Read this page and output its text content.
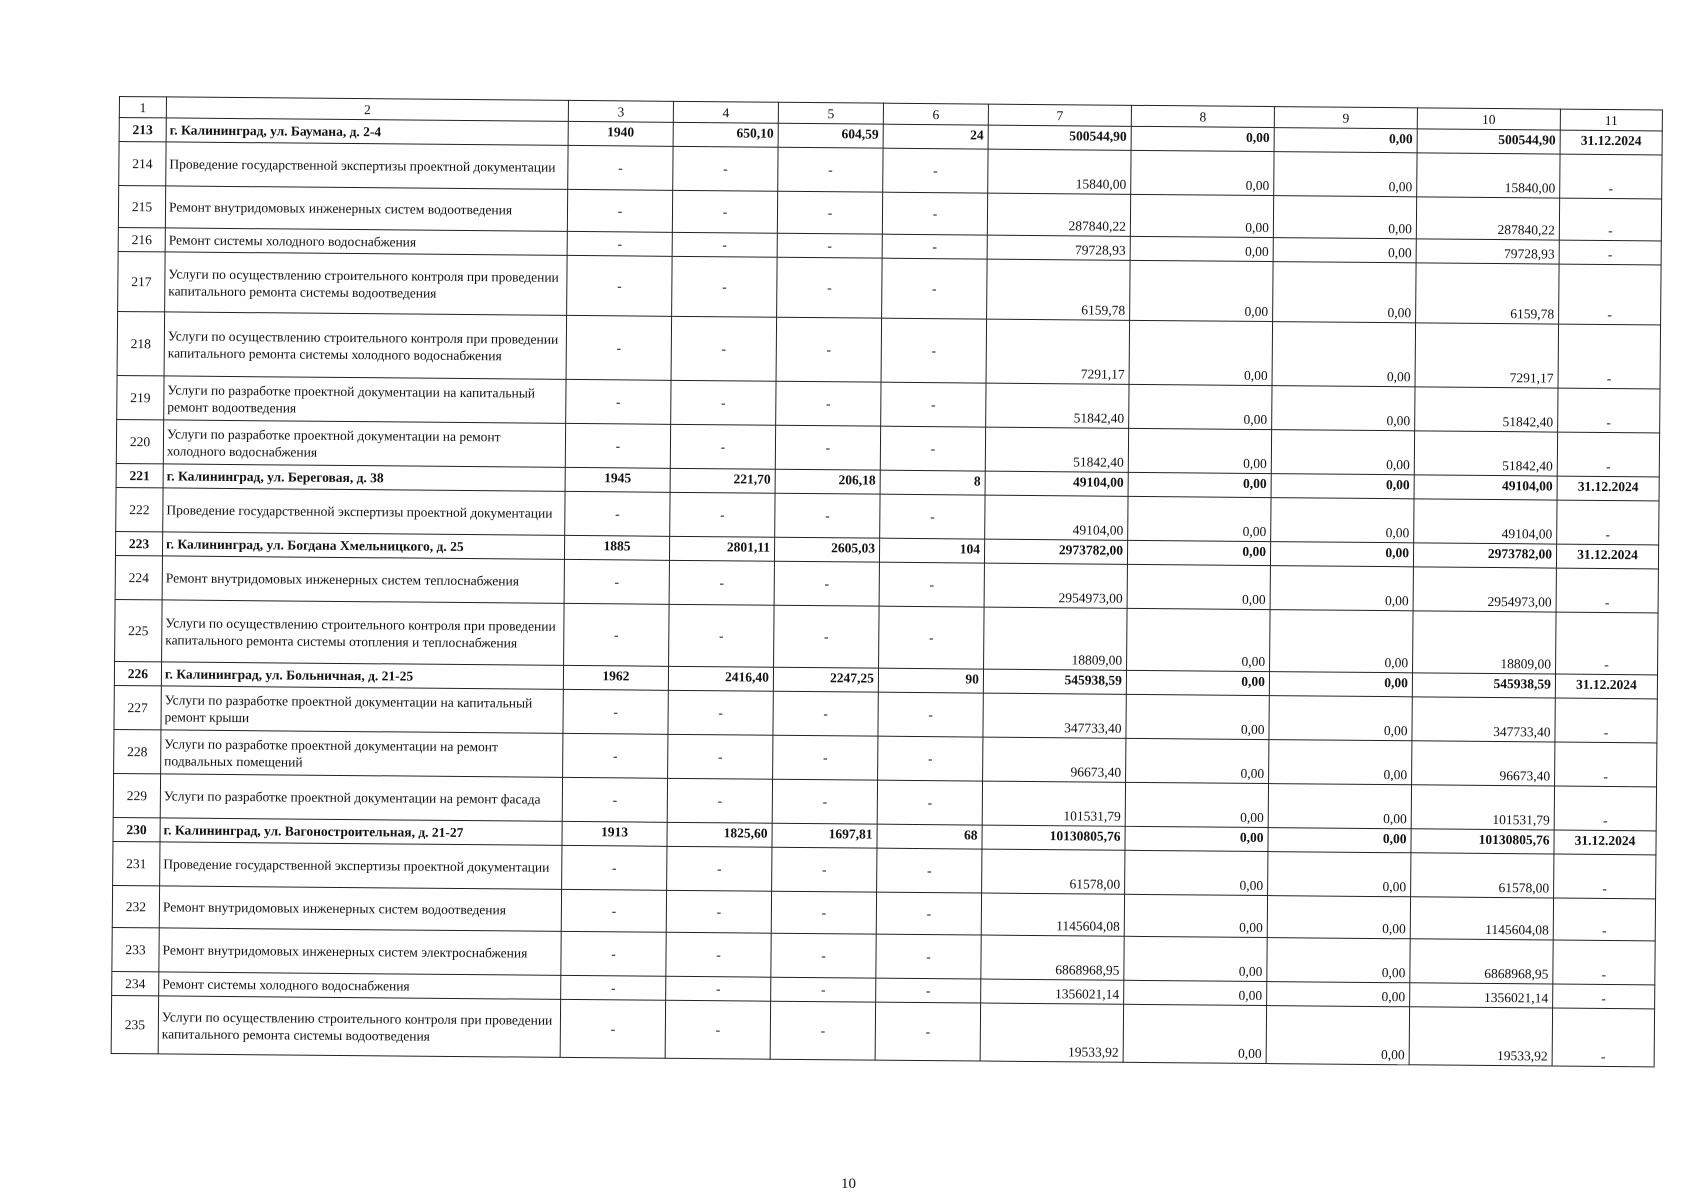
1	2	3	4	5	6	7	8	9	10	11
213	г. Калининград, ул. Баумана, д. 2-4	1940	650,10	604,59	24	500544,90	0,00	0,00	500544,90	31.12.2024
214	Проведение государственной экспертизы проектной документации	-	-	-	-	15840,00	0,00	0,00	15840,00	-
215	Ремонт внутридомовых инженерных систем водоотведения	-	-	-	-	287840,22	0,00	0,00	287840,22	-
216	Ремонт системы холодного водоснабжения	-	-	-	-	79728,93	0,00	0,00	79728,93	-
217	Услуги по осуществлению строительного контроля при проведении капитального ремонта системы водоотведения	-	-	-	-	6159,78	0,00	0,00	6159,78	-
218	Услуги по осуществлению строительного контроля при проведении капитального ремонта системы холодного водоснабжения	-	-	-	-	7291,17	0,00	0,00	7291,17	-
219	Услуги по разработке проектной документации на капитальный ремонт водоотведения	-	-	-	-	51842,40	0,00	0,00	51842,40	-
220	Услуги по разработке проектной документации на ремонт холодного водоснабжения	-	-	-	-	51842,40	0,00	0,00	51842,40	-
221	г. Калининград, ул. Береговая, д. 38	1945	221,70	206,18	8	49104,00	0,00	0,00	49104,00	31.12.2024
222	Проведение государственной экспертизы проектной документации	-	-	-	-	49104,00	0,00	0,00	49104,00	-
223	г. Калининград, ул. Богдана Хмельницкого, д. 25	1885	2801,11	2605,03	104	2973782,00	0,00	0,00	2973782,00	31.12.2024
224	Ремонт внутридомовых инженерных систем теплоснабжения	-	-	-	-	2954973,00	0,00	0,00	2954973,00	-
225	Услуги по осуществлению строительного контроля при проведении капитального ремонта системы отопления и теплоснабжения	-	-	-	-	18809,00	0,00	0,00	18809,00	-
226	г. Калининград, ул. Больничная, д. 21-25	1962	2416,40	2247,25	90	545938,59	0,00	0,00	545938,59	31.12.2024
227	Услуги по разработке проектной документации на капитальный ремонт крыши	-	-	-	-	347733,40	0,00	0,00	347733,40	-
228	Услуги по разработке проектной документации на ремонт подвальных помещений	-	-	-	-	96673,40	0,00	0,00	96673,40	-
229	Услуги по разработке проектной документации на ремонт фасада	-	-	-	-	101531,79	0,00	0,00	101531,79	-
230	г. Калининград, ул. Вагоностроительная, д. 21-27	1913	1825,60	1697,81	68	10130805,76	0,00	0,00	10130805,76	31.12.2024
231	Проведение государственной экспертизы проектной документации	-	-	-	-	61578,00	0,00	0,00	61578,00	-
232	Ремонт внутридомовых инженерных систем водоотведения	-	-	-	-	1145604,08	0,00	0,00	1145604,08	-
233	Ремонт внутридомовых инженерных систем электроснабжения	-	-	-	-	6868968,95	0,00	0,00	6868968,95	-
234	Ремонт системы холодного водоснабжения	-	-	-	-	1356021,14	0,00	0,00	1356021,14	-
235	Услуги по осуществлению строительного контроля при проведении капитального ремонта системы водоотведения	-	-	-	-	19533,92	0,00	0,00	19533,92	-
10
